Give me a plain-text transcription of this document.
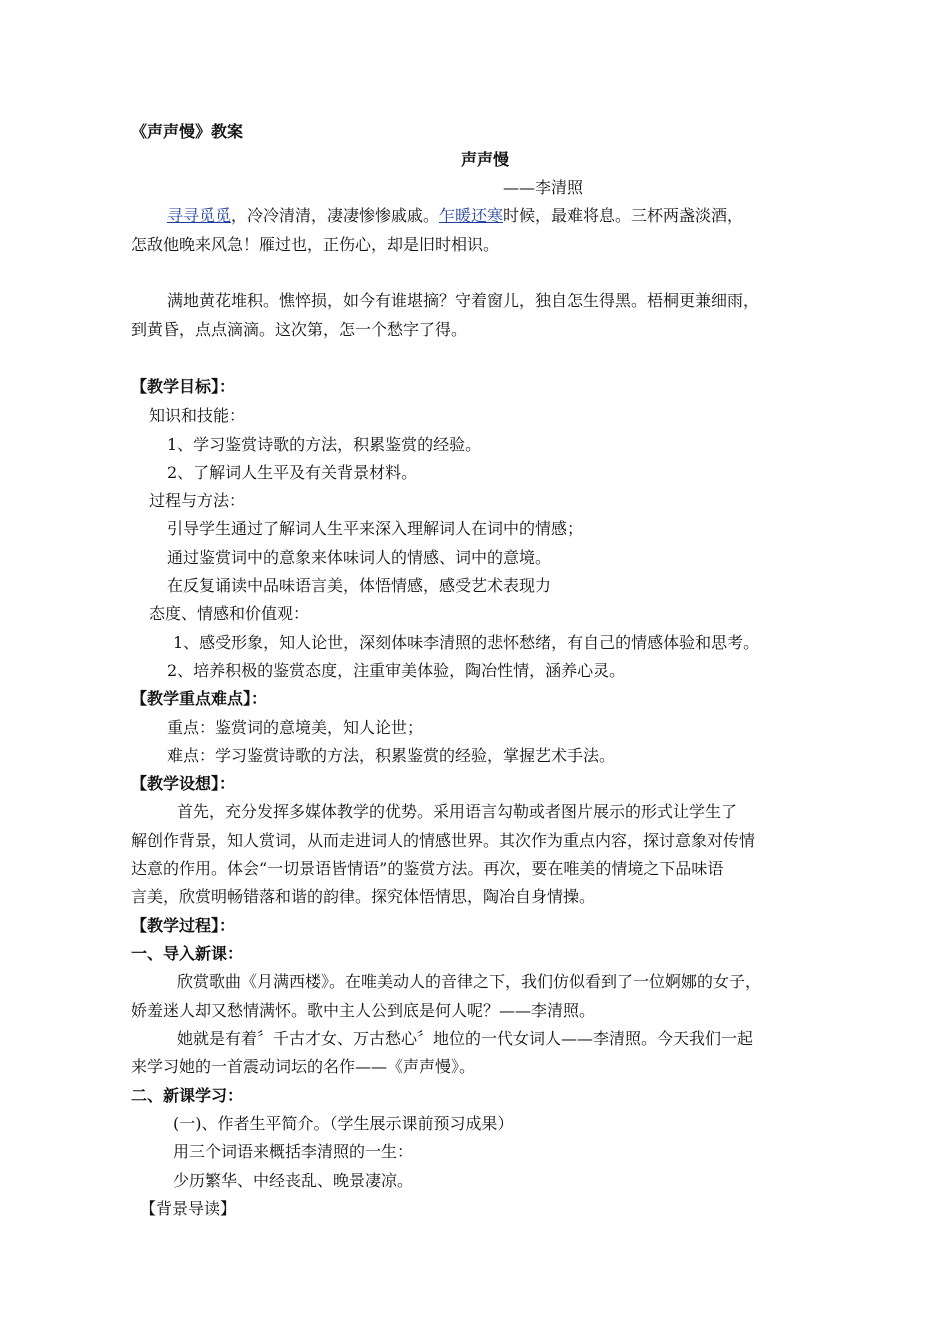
《声声慢》教案
声声慢
——李清照
寻寻觅觅，冷冷清清，凄凄惨惨戚戚。乍暖还寒时候，最难将息。三杯两盏淡酒，
怎敌他晚来风急！雁过也，正伤心，却是旧时相识。
满地黄花堆积。憔悴损，如今有谁堪摘？守着窗儿，独自怎生得黑。梧桐更兼细雨，
到黄昏，点点滴滴。这次第，怎一个愁字了得。
【教学目标】：
知识和技能：
1、学习鉴赏诗歌的方法，积累鉴赏的经验。
2、了解词人生平及有关背景材料。
过程与方法：
引导学生通过了解词人生平来深入理解词人在词中的情感；
通过鉴赏词中的意象来体味词人的情感、词中的意境。
在反复诵读中品味语言美，体悟情感，感受艺术表现力
态度、情感和价值观：
1、感受形象，知人论世，深刻体味李清照的悲怀愁绪，有自己的情感体验和思考。
2、培养积极的鉴赏态度，注重审美体验，陶冶性情，涵养心灵。
【教学重点难点】：
重点：鉴赏词的意境美，知人论世；
难点：学习鉴赏诗歌的方法，积累鉴赏的经验，掌握艺术手法。
【教学设想】：
首先，充分发挥多媒体教学的优势。采用语言勾勒或者图片展示的形式让学生了
解创作背景，知人赏词，从而走进词人的情感世界。其次作为重点内容，探讨意象对传情
达意的作用。体会“一切景语皆情语”的鉴赏方法。再次，要在唯美的情境之下品味语
言美，欣赏明畅错落和谐的韵律。探究体悟情思，陶冶自身情操。
【教学过程】：
一、导入新课：
欣赏歌曲《月满西楼》。在唯美动人的音律之下，我们仿似看到了一位婀娜的女子，
娇羞迷人却又愁情满怀。歌中主人公到底是何人呢？——李清照。
她就是有着〞千古才女、万古愁心〞地位的一代女词人——李清照。今天我们一起
来学习她的一首震动词坛的名作——《声声慢》。
二、新课学习：
(一)、作者生平简介。（学生展示课前预习成果）
用三个词语来概括李清照的一生：
少历繁华、中经丧乱、晚景凄凉。
【背景导读】
